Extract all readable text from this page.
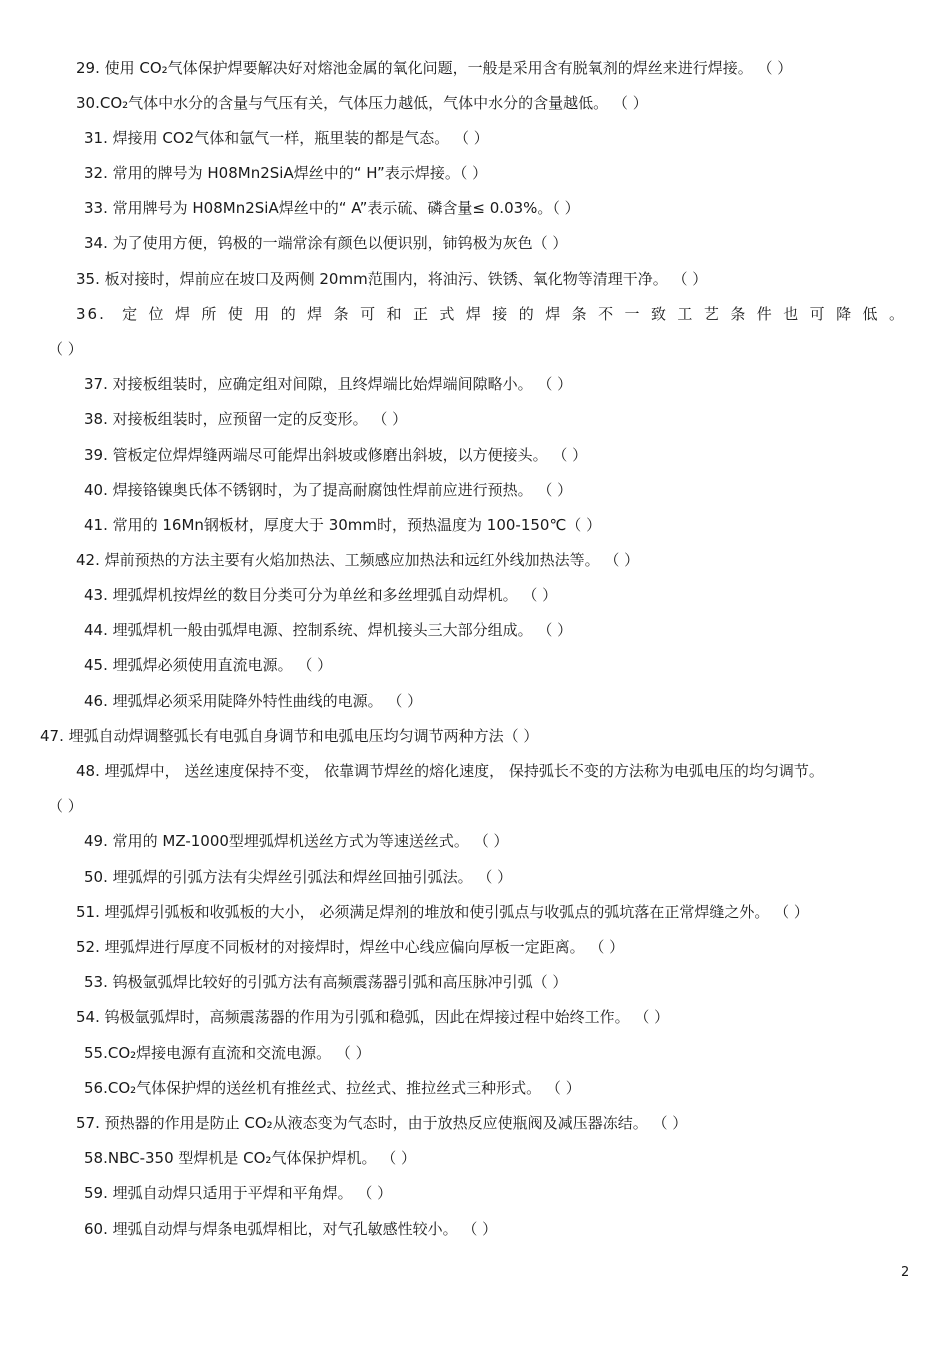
29. 使用 CO₂气体保护焊要解决好对熔池金属的氧化问题，一般是采用含有脱氧剂的焊丝来进行焊接。 （ ）
30.CO₂气体中水分的含量与气压有关，气体压力越低，气体中水分的含量越低。 （ ）
31. 焊接用 CO2气体和氩气一样，瓶里装的都是气态。 （ ）
32. 常用的牌号为 H08Mn2SiA焊丝中的“ H”表示焊接。（ ）
33. 常用牌号为 H08Mn2SiA焊丝中的“ A”表示硫、磷含量≤ 0.03%。（ ）
34. 为了使用方便，钨极的一端常涂有颜色以便识别，铈钨极为灰色（ ）
35. 板对接时，焊前应在坡口及两侧 20mm范围内，将油污、铁锈、氧化物等清理干净。 （ ）
36. 定位焊所使用的焊条可和正式焊接的焊条不一致工艺条件也可降低。
（ ）
37. 对接板组装时，应确定组对间隙，且终焊端比始焊端间隙略小。 （ ）
38. 对接板组装时，应预留一定的反变形。 （ ）
39. 管板定位焊焊缝两端尽可能焊出斜坡或修磨出斜坡，以方便接头。 （ ）
40. 焊接铬镍奥氏体不锈钢时，为了提高耐腐蚀性焊前应进行预热。 （ ）
41. 常用的 16Mn钢板材，厚度大于 30mm时，预热温度为 100-150℃（ ）
42. 焊前预热的方法主要有火焰加热法、工频感应加热法和远红外线加热法等。 （ ）
43. 埋弧焊机按焊丝的数目分类可分为单丝和多丝埋弧自动焊机。 （ ）
44. 埋弧焊机一般由弧焊电源、控制系统、焊机接头三大部分组成。 （ ）
45. 埋弧焊必须使用直流电源。 （ ）
46. 埋弧焊必须采用陡降外特性曲线的电源。 （ ）
47. 埋弧自动焊调整弧长有电弧自身调节和电弧电压均匀调节两种方法（ ）
48. 埋弧焊中， 送丝速度保持不变， 依靠调节焊丝的熔化速度， 保持弧长不变的方法称为电弧电压的均匀调节。
（ ）
49. 常用的 MZ-1000型埋弧焊机送丝方式为等速送丝式。 （ ）
50. 埋弧焊的引弧方法有尖焊丝引弧法和焊丝回抽引弧法。 （ ）
51. 埋弧焊引弧板和收弧板的大小， 必须满足焊剂的堆放和使引弧点与收弧点的弧坑落在正常焊缝之外。 （ ）
52. 埋弧焊进行厚度不同板材的对接焊时，焊丝中心线应偏向厚板一定距离。 （ ）
53. 钨极氩弧焊比较好的引弧方法有高频震荡器引弧和高压脉冲引弧（ ）
54. 钨极氩弧焊时，高频震荡器的作用为引弧和稳弧，因此在焊接过程中始终工作。 （ ）
55.CO₂焊接电源有直流和交流电源。 （ ）
56.CO₂气体保护焊的送丝机有推丝式、拉丝式、推拉丝式三种形式。 （ ）
57. 预热器的作用是防止 CO₂从液态变为气态时，由于放热反应使瓶阀及减压器冻结。 （ ）
58.NBC-350 型焊机是 CO₂气体保护焊机。 （ ）
59. 埋弧自动焊只适用于平焊和平角焊。 （ ）
60. 埋弧自动焊与焊条电弧焊相比，对气孔敏感性较小。 （ ）
2
